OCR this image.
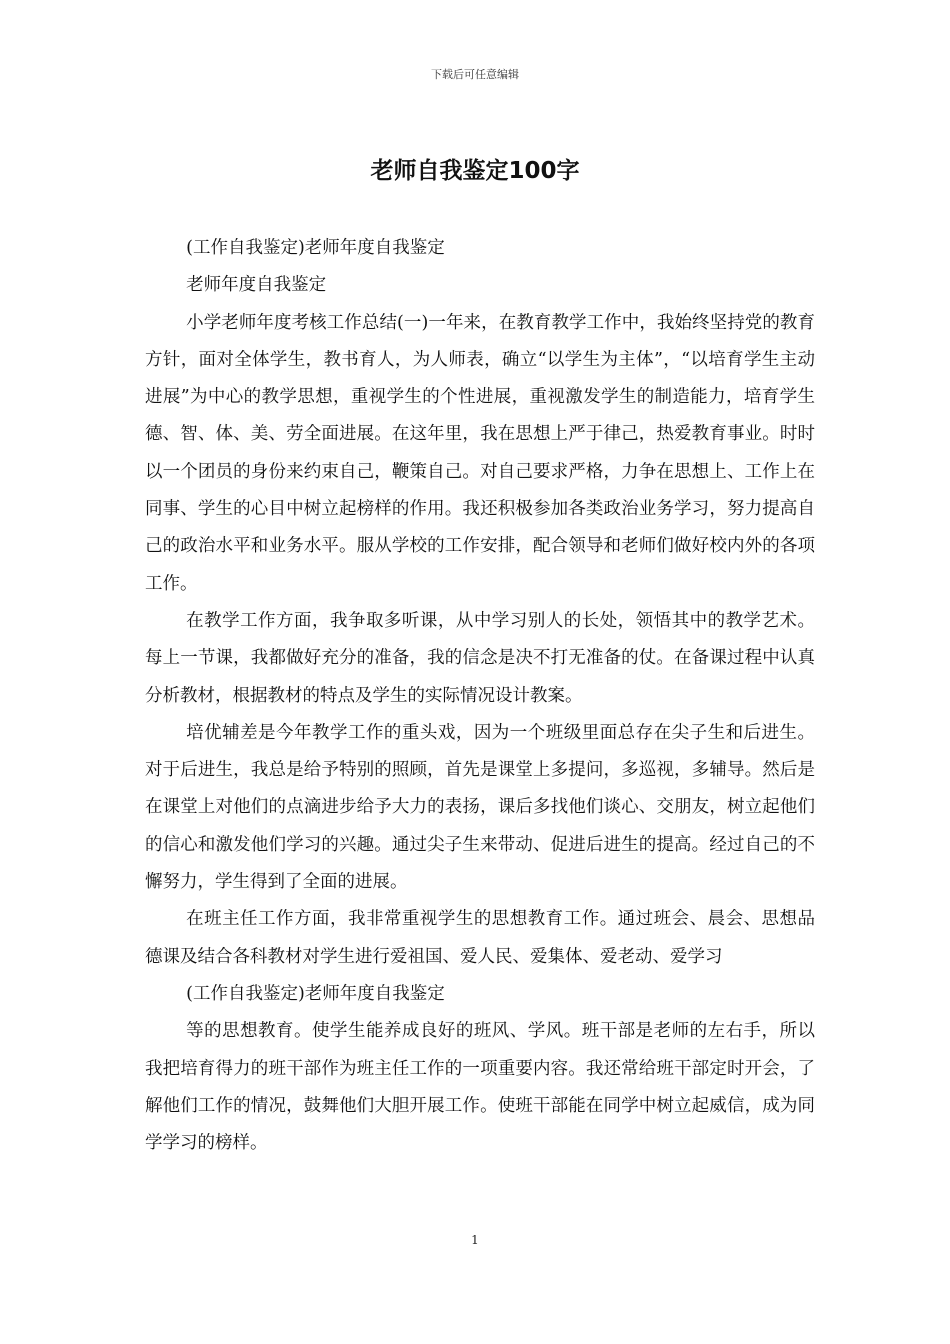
下载后可任意编辑
老师自我鉴定100字

(工作自我鉴定)老师年度自我鉴定

老师年度自我鉴定

小学老师年度考核工作总结(一)一年来，在教育教学工作中，我始终坚持党的教育方针，面对全体学生，教书育人，为人师表，确立“以学生为主体”，“以培育学生主动进展”为中心的教学思想，重视学生的个性进展，重视激发学生的制造能力，培育学生德、智、体、美、劳全面进展。在这年里，我在思想上严于律己，热爱教育事业。时时以一个团员的身份来约束自己，鞭策自己。对自己要求严格，力争在思想上、工作上在同事、学生的心目中树立起榜样的作用。我还积极参加各类政治业务学习，努力提高自己的政治水平和业务水平。服从学校的工作安排，配合领导和老师们做好校内外的各项工作。

在教学工作方面，我争取多听课，从中学习别人的长处，领悟其中的教学艺术。每上一节课，我都做好充分的准备，我的信念是决不打无准备的仗。在备课过程中认真分析教材，根据教材的特点及学生的实际情况设计教案。

培优辅差是今年教学工作的重头戏，因为一个班级里面总存在尖子生和后进生。对于后进生，我总是给予特别的照顾，首先是课堂上多提问，多巡视，多辅导。然后是在课堂上对他们的点滴进步给予大力的表扬，课后多找他们谈心、交朋友，树立起他们的信心和激发他们学习的兴趣。通过尖子生来带动、促进后进生的提高。经过自己的不懈努力，学生得到了全面的进展。

在班主任工作方面，我非常重视学生的思想教育工作。通过班会、晨会、思想品德课及结合各科教材对学生进行爱祖国、爱人民、爱集体、爱老动、爱学习

(工作自我鉴定)老师年度自我鉴定

等的思想教育。使学生能养成良好的班风、学风。班干部是老师的左右手，所以我把培育得力的班干部作为班主任工作的一项重要内容。我还常给班干部定时开会，了解他们工作的情况，鼓舞他们大胆开展工作。使班干部能在同学中树立起威信，成为同学学习的榜样。

1
